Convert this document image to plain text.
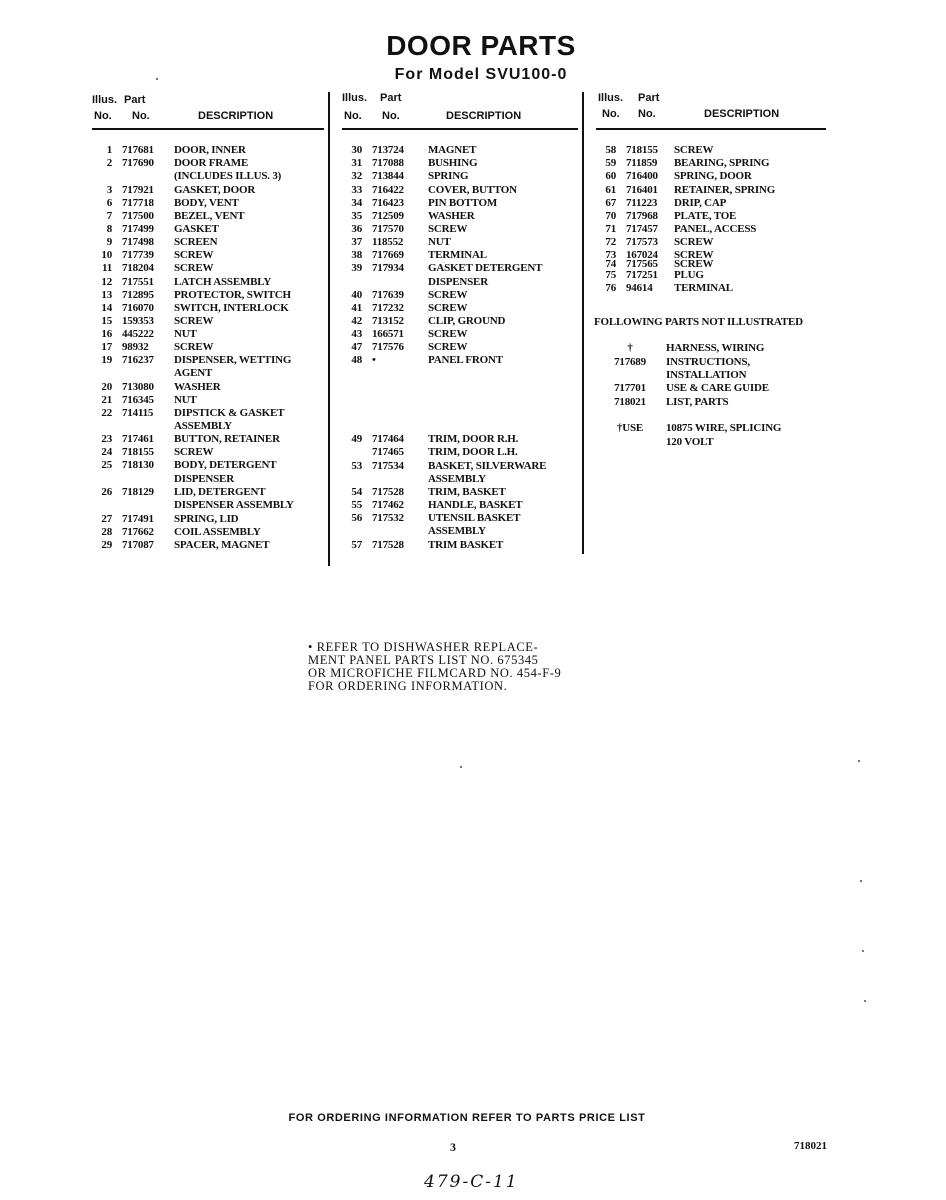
DOOR PARTS
For Model SVU100-0
Illus. Part
No. No.	DESCRIPTION
1 717681 DOOR, INNER
2 717690 DOOR FRAME
(INCLUDES ILLUS. 3)
3 717921 GASKET, DOOR
6 717718 BODY, VENT
7 717500 BEZEL, VENT
8 717499 GASKET
9 717498 SCREEN
10 717739 SCREW
11 718204 SCREW
12 717551 LATCH ASSEMBLY
13 712895 PROTECTOR, SWITCH
14 716070 SWITCH, INTERLOCK
15 159353 SCREW
16 445222 NUT
17 98932 SCREW
19 716237 DISPENSER, WETTING
AGENT
20 713080 WASHER
21 716345 NUT
22 714115 DIPSTICK & GASKET
ASSEMBLY
23 717461 BUTTON, RETAINER
24 718155 SCREW
25 718130 BODY, DETERGENT
DISPENSER
26 718129 LID, DETERGENT
DISPENSER ASSEMBLY
27 717491 SPRING, LID
28 717662 COIL ASSEMBLY
29 717087 SPACER, MAGNET
Illus. Part
No. No.	DESCRIPTION
30 713724 MAGNET
31 717088 BUSHING
32 713844 SPRING
33 716422 COVER, BUTTON
34 716423 PIN BOTTOM
35 712509 WASHER
36 717570 SCREW
37 118552 NUT
38 717669 TERMINAL
39 717934 GASKET DETERGENT
DISPENSER
40 717639 SCREW
41 717232 SCREW
42 713152 CLIP, GROUND
43 166571 SCREW
47 717576 SCREW
48 •	PANEL FRONT
49 717464 TRIM, DOOR R.H.
717465 TRIM, DOOR L.H.
53 717534 BASKET, SILVERWARE
ASSEMBLY
54 717528 TRIM, BASKET
55 717462 HANDLE, BASKET
56 717532 UTENSIL BASKET
ASSEMBLY
57 717528 TRIM BASKET
Illus. Part
No. No.	DESCRIPTION
58 718155 SCREW
59 711859 BEARING, SPRING
60 716400 SPRING, DOOR
61 716401 RETAINER, SPRING
67 711223 DRIP, CAP
70 717968 PLATE, TOE
71 717457 PANEL, ACCESS
72 717573 SCREW
73 167024 SCREW
74 717565 SCREW
75 717251 PLUG
76 94614 TERMINAL
FOLLOWING PARTS NOT ILLUSTRATED
†	HARNESS, WIRING
717689 INSTRUCTIONS,
INSTALLATION
717701 USE & CARE GUIDE
718021 LIST, PARTS
†USE	10875 WIRE, SPLICING
120 VOLT
• REFER TO DISHWASHER REPLACE-
MENT PANEL PARTS LIST NO. 675345
OR MICROFICHE FILMCARD NO. 454-F-9
FOR ORDERING INFORMATION.
FOR ORDERING INFORMATION REFER TO PARTS PRICE LIST
3	718021
479-C-11
